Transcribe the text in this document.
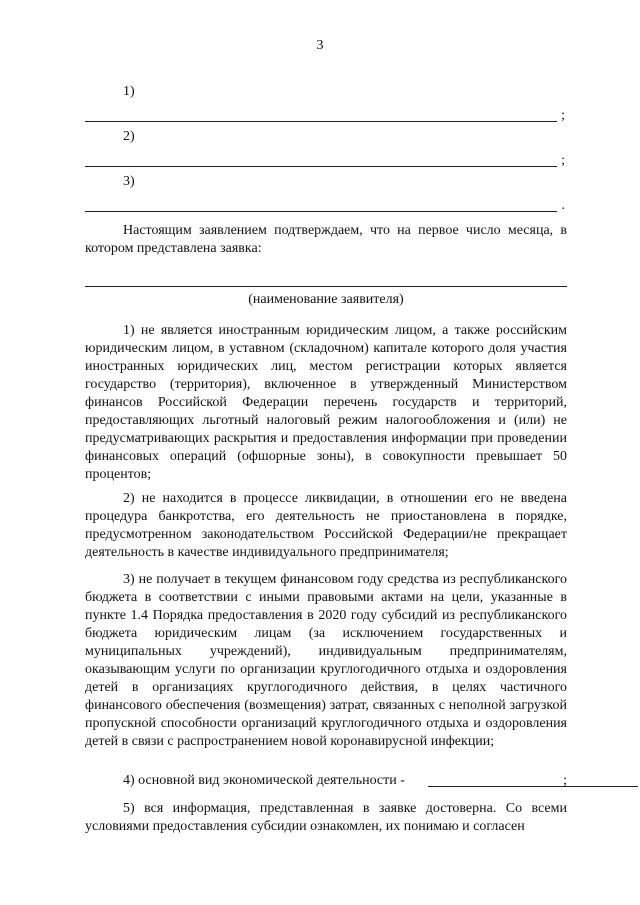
3
1)
;
2)
;
3)
.

Настоящим заявлением подтверждаем, что на первое число месяца, в котором представлена заявка:

(наименование заявителя)

1) не является иностранным юридическим лицом, а также российским юридическим лицом, в уставном (складочном) капитале которого доля участия иностранных юридических лиц, местом регистрации которых является государство (территория), включенное в утвержденный Министерством финансов Российской Федерации перечень государств и территорий, предоставляющих льготный налоговый режим налогообложения и (или) не предусматривающих раскрытия и предоставления информации при проведении финансовых операций (офшорные зоны), в совокупности превышает 50 процентов;

2) не находится в процессе ликвидации, в отношении его не введена процедура банкротства, его деятельность не приостановлена в порядке, предусмотренном законодательством Российской Федерации/не прекращает деятельность в качестве индивидуального предпринимателя;

3) не получает в текущем финансовом году средства из республиканского бюджета в соответствии с иными правовыми актами на цели, указанные в пункте 1.4 Порядка предоставления в 2020 году субсидий из республиканского бюджета юридическим лицам (за исключением государственных и муниципальных учреждений), индивидуальным предпринимателям, оказывающим услуги по организации круглогодичного отдыха и оздоровления детей в организациях круглогодичного действия, в целях частичного финансового обеспечения (возмещения) затрат, связанных с неполной загрузкой пропускной способности организаций круглогодичного отдыха и оздоровления детей в связи с распространением новой коронавирусной инфекции;

4) основной вид экономической деятельности -	;

5) вся информация, представленная в заявке достоверна. Со всеми условиями предоставления субсидии ознакомлен, их понимаю и согласен
